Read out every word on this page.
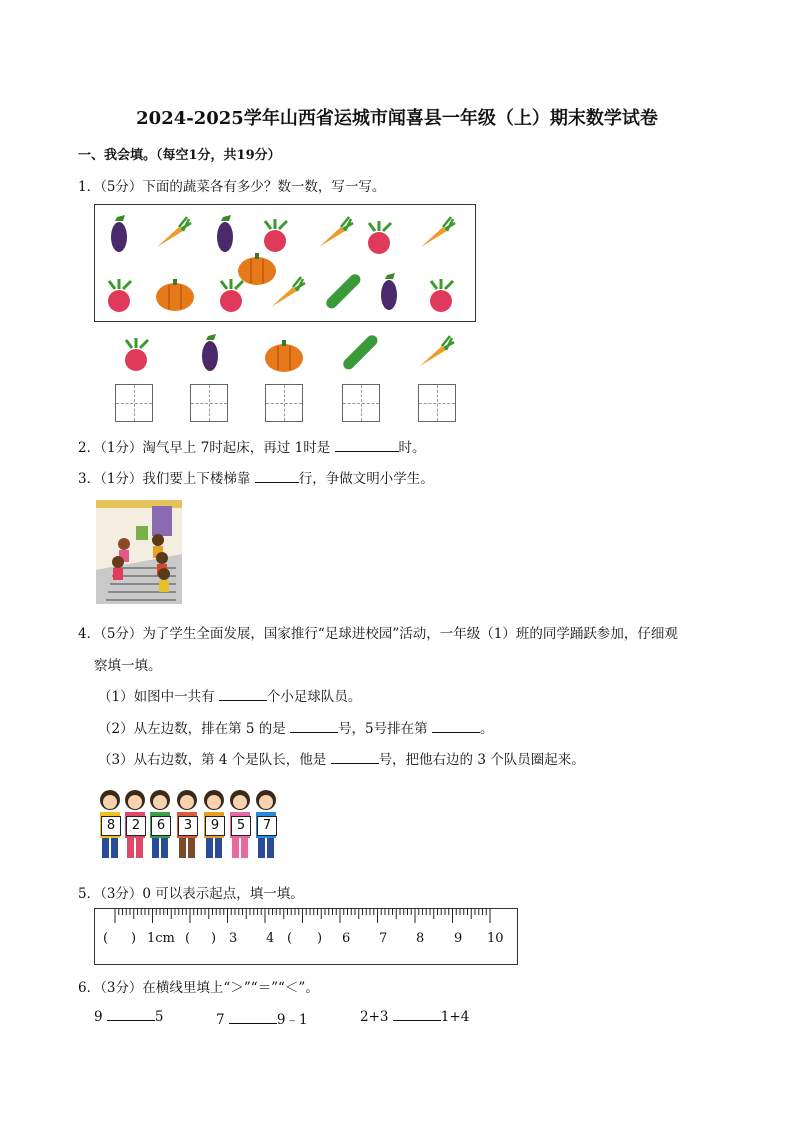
2024-2025学年山西省运城市闻喜县一年级（上）期末数学试卷
一、我会填。（每空1分，共19分）
1．（5分）下面的蔬菜各有多少？数一数，写一写。
2．（1分）淘气早上 7时起床，再过 1时是	时。
3．（1分）我们要上下楼梯靠	行，争做文明小学生。
4．（5分）为了学生全面发展，国家推行“足球进校园”活动，一年级（1）班的同学踊跃参加，仔细观
察填一填。
（1）如图中一共有	个小足球队员。
（2）从左边数，排在第 5 的是	号，5号排在第	。
（3）从右边数，第 4 个是队长，他是	号，把他右边的 3 个队员圈起来。
8	2	6	3	9	5	7
5．（3分）0 可以表示起点，填一填。
( ) 1cm ( ) 3 4 ( ) 6 7 8 9 10
6．（3分）在横线里填上“＞”“＝”“＜”。
9	5	7	9﹣1	2+3	1+4
